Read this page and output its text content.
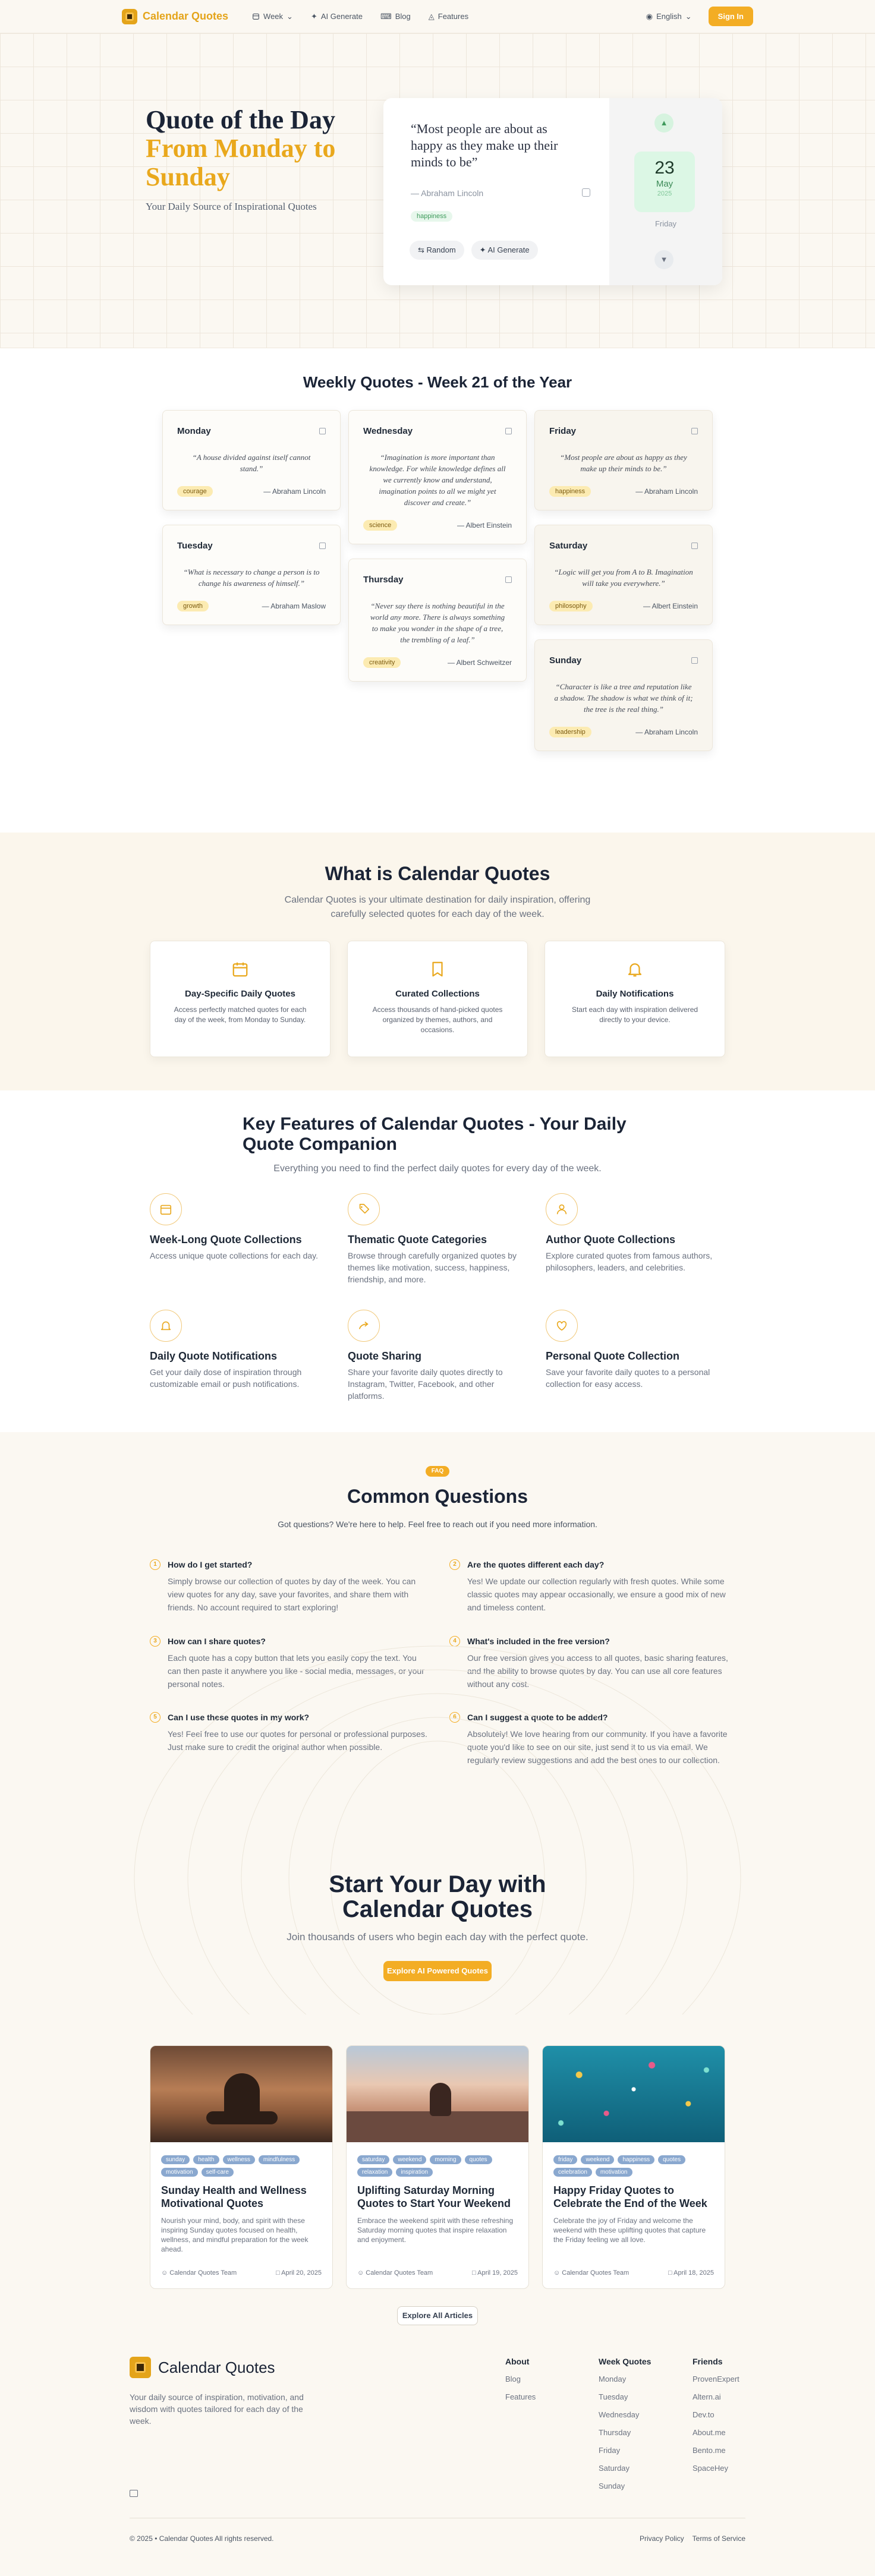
Calendar Quotes	Week ⌄ ✦ AI Generate ⌨ Blog ◬ Features	◉ English ⌄	Sign In
Quote of the Day
From Monday to Sunday
Your Daily Source of Inspirational Quotes
“Most people are about as happy as they make up their minds to be”
— Abraham Lincoln
happiness
⇆ Random	✦ AI Generate
▲
23
May
2025
Friday
▼
Weekly Quotes - Week 21 of the Year
Monday
“A house divided against itself cannot stand.”
courage	— Abraham Lincoln
Tuesday
“What is necessary to change a person is to change his awareness of himself.”
growth	— Abraham Maslow
Wednesday
“Imagination is more important than knowledge. For while knowledge defines all we currently know and understand, imagination points to all we might yet discover and create.”
science	— Albert Einstein
Thursday
“Never say there is nothing beautiful in the world any more. There is always something to make you wonder in the shape of a tree, the trembling of a leaf.”
creativity	— Albert Schweitzer
Friday
“Most people are about as happy as they make up their minds to be.”
happiness	— Abraham Lincoln
Saturday
“Logic will get you from A to B. Imagination will take you everywhere.”
philosophy	— Albert Einstein
Sunday
“Character is like a tree and reputation like a shadow. The shadow is what we think of it; the tree is the real thing.”
leadership	— Abraham Lincoln
What is Calendar Quotes
Calendar Quotes is your ultimate destination for daily inspiration, offering carefully selected quotes for each day of the week.
Day-Specific Daily Quotes
Access perfectly matched quotes for each day of the week, from Monday to Sunday.
Curated Collections
Access thousands of hand-picked quotes organized by themes, authors, and occasions.
Daily Notifications
Start each day with inspiration delivered directly to your device.
Key Features of Calendar Quotes - Your Daily Quote Companion
Everything you need to find the perfect daily quotes for every day of the week.
Week-Long Quote Collections
Access unique quote collections for each day.
Thematic Quote Categories
Browse through carefully organized quotes by themes like motivation, success, happiness, friendship, and more.
Author Quote Collections
Explore curated quotes from famous authors, philosophers, leaders, and celebrities.
Daily Quote Notifications
Get your daily dose of inspiration through customizable email or push notifications.
Quote Sharing
Share your favorite daily quotes directly to Instagram, Twitter, Facebook, and other platforms.
Personal Quote Collection
Save your favorite daily quotes to a personal collection for easy access.
FAQ
Common Questions
Got questions? We're here to help. Feel free to reach out if you need more information.
1	How do I get started?
Simply browse our collection of quotes by day of the week. You can view quotes for any day, save your favorites, and share them with friends. No account required to start exploring!
2	Are the quotes different each day?
Yes! We update our collection regularly with fresh quotes. While some classic quotes may appear occasionally, we ensure a good mix of new and timeless content.
3	How can I share quotes?
Each quote has a copy button that lets you easily copy the text. You can then paste it anywhere you like - social media, messages, or your personal notes.
4	What's included in the free version?
Our free version gives you access to all quotes, basic sharing features, and the ability to browse quotes by day. You can use all core features without any cost.
5	Can I use these quotes in my work?
Yes! Feel free to use our quotes for personal or professional purposes. Just make sure to credit the original author when possible.
6	Can I suggest a quote to be added?
Absolutely! We love hearing from our community. If you have a favorite quote you'd like to see on our site, just send it to us via email. We regularly review suggestions and add the best ones to our collection.
Start Your Day with
Calendar Quotes
Join thousands of users who begin each day with the perfect quote.
Explore AI Powered Quotes
sunday	health	wellness	mindfulness
motivation	self-care
Sunday Health and Wellness Motivational Quotes
Nourish your mind, body, and spirit with these inspiring Sunday quotes focused on health, wellness, and mindful preparation for the week ahead.
☺ Calendar Quotes Team	□ April 20, 2025
saturday	weekend	morning	quotes
relaxation	inspiration
Uplifting Saturday Morning Quotes to Start Your Weekend
Embrace the weekend spirit with these refreshing Saturday morning quotes that inspire relaxation and enjoyment.
☺ Calendar Quotes Team	□ April 19, 2025
friday	weekend	happiness	quotes
celebration	motivation
Happy Friday Quotes to Celebrate the End of the Week
Celebrate the joy of Friday and welcome the weekend with these uplifting quotes that capture the Friday feeling we all love.
☺ Calendar Quotes Team	□ April 18, 2025
Explore All Articles
Calendar Quotes
Your daily source of inspiration, motivation, and wisdom with quotes tailored for each day of the week.
About
Blog
Features
Week Quotes
Monday
Tuesday
Wednesday
Thursday
Friday
Saturday
Sunday
Friends
ProvenExpert
Altern.ai
Dev.to
About.me
Bento.me
SpaceHey
© 2025 • Calendar Quotes All rights reserved.	Privacy Policy Terms of Service
